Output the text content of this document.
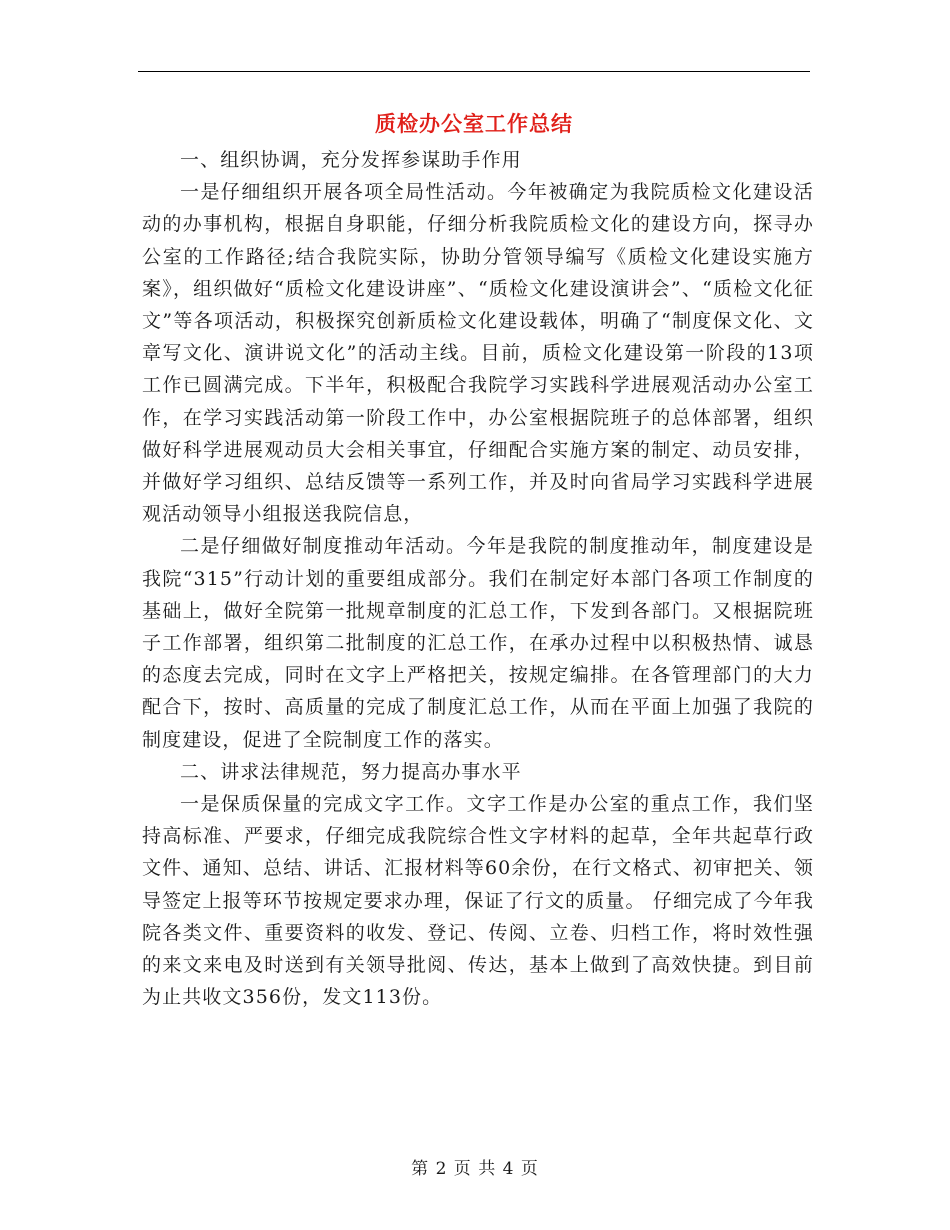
质检办公室工作总结

一、组织协调，充分发挥参谋助手作用

一是仔细组织开展各项全局性活动。今年被确定为我院质检文化建设活动的办事机构，根据自身职能，仔细分析我院质检文化的建设方向，探寻办公室的工作路径;结合我院实际，协助分管领导编写《质检文化建设实施方案》，组织做好“质检文化建设讲座”、“质检文化建设演讲会”、“质检文化征文”等各项活动，积极探究创新质检文化建设载体，明确了“制度保文化、文章写文化、演讲说文化”的活动主线。目前，质检文化建设第一阶段的13项工作已圆满完成。下半年，积极配合我院学习实践科学进展观活动办公室工作，在学习实践活动第一阶段工作中，办公室根据院班子的总体部署，组织做好科学进展观动员大会相关事宜，仔细配合实施方案的制定、动员安排，并做好学习组织、总结反馈等一系列工作，并及时向省局学习实践科学进展观活动领导小组报送我院信息，

二是仔细做好制度推动年活动。今年是我院的制度推动年，制度建设是我院“315”行动计划的重要组成部分。我们在制定好本部门各项工作制度的基础上，做好全院第一批规章制度的汇总工作，下发到各部门。又根据院班子工作部署，组织第二批制度的汇总工作，在承办过程中以积极热情、诚恳的态度去完成，同时在文字上严格把关，按规定编排。在各管理部门的大力配合下，按时、高质量的完成了制度汇总工作，从而在平面上加强了我院的制度建设，促进了全院制度工作的落实。

二、讲求法律规范，努力提高办事水平

一是保质保量的完成文字工作。文字工作是办公室的重点工作，我们坚持高标准、严要求，仔细完成我院综合性文字材料的起草，全年共起草行政文件、通知、总结、讲话、汇报材料等60余份，在行文格式、初审把关、领导签定上报等环节按规定要求办理，保证了行文的质量。 仔细完成了今年我院各类文件、重要资料的收发、登记、传阅、立卷、归档工作，将时效性强的来文来电及时送到有关领导批阅、传达，基本上做到了高效快捷。到目前为止共收文356份，发文113份。

第 2 页 共 4 页
